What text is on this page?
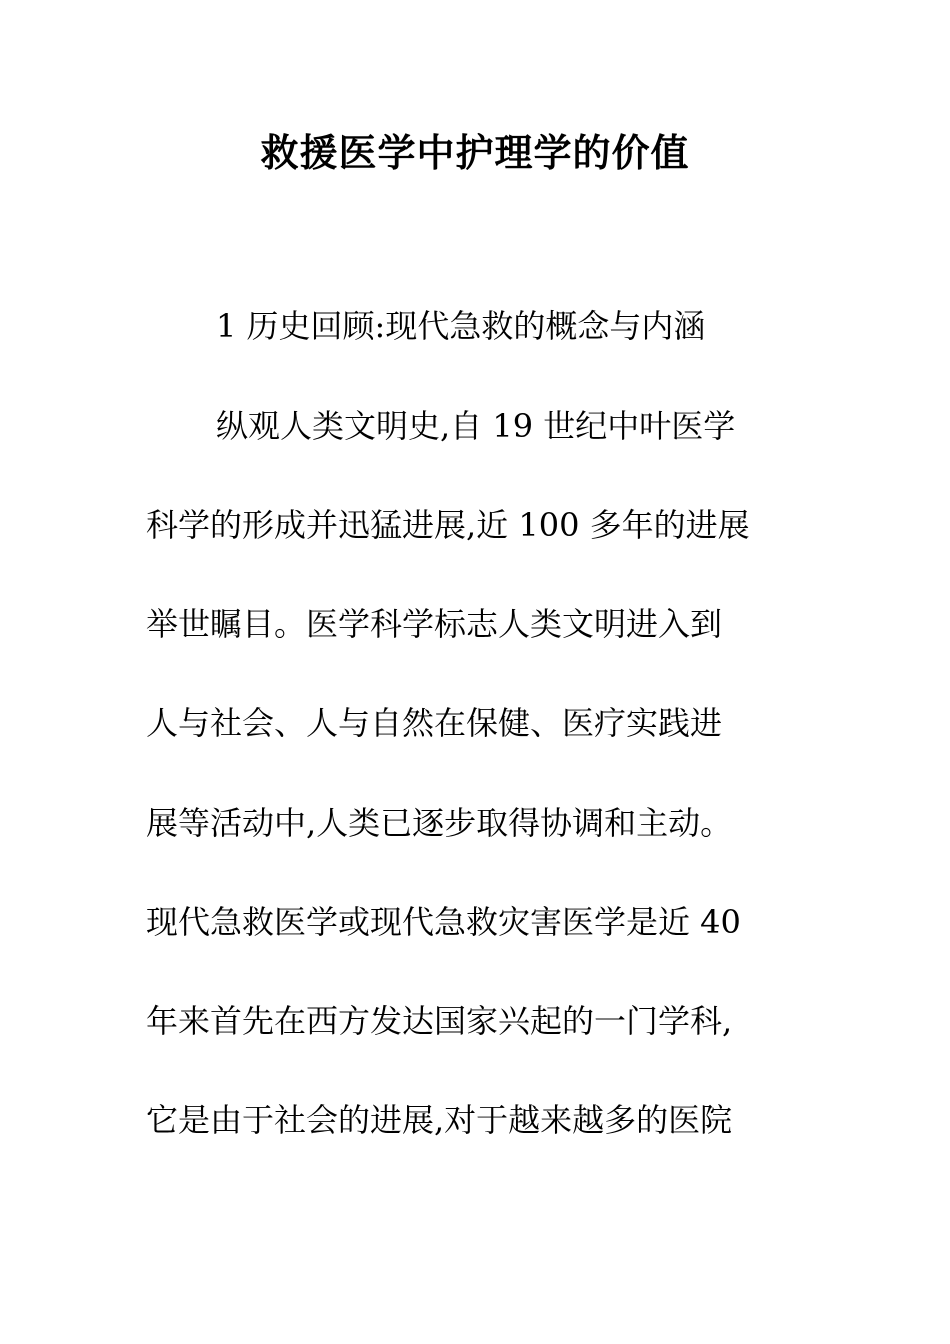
救援医学中护理学的价值

1 历史回顾:现代急救的概念与内涵

纵观人类文明史,自 19 世纪中叶医学

科学的形成并迅猛进展,近 100 多年的进展

举世瞩目。医学科学标志人类文明进入到

人与社会、人与自然在保健、医疗实践进

展等活动中,人类已逐步取得协调和主动。

现代急救医学或现代急救灾害医学是近 40

年来首先在西方发达国家兴起的一门学科,

它是由于社会的进展,对于越来越多的医院
